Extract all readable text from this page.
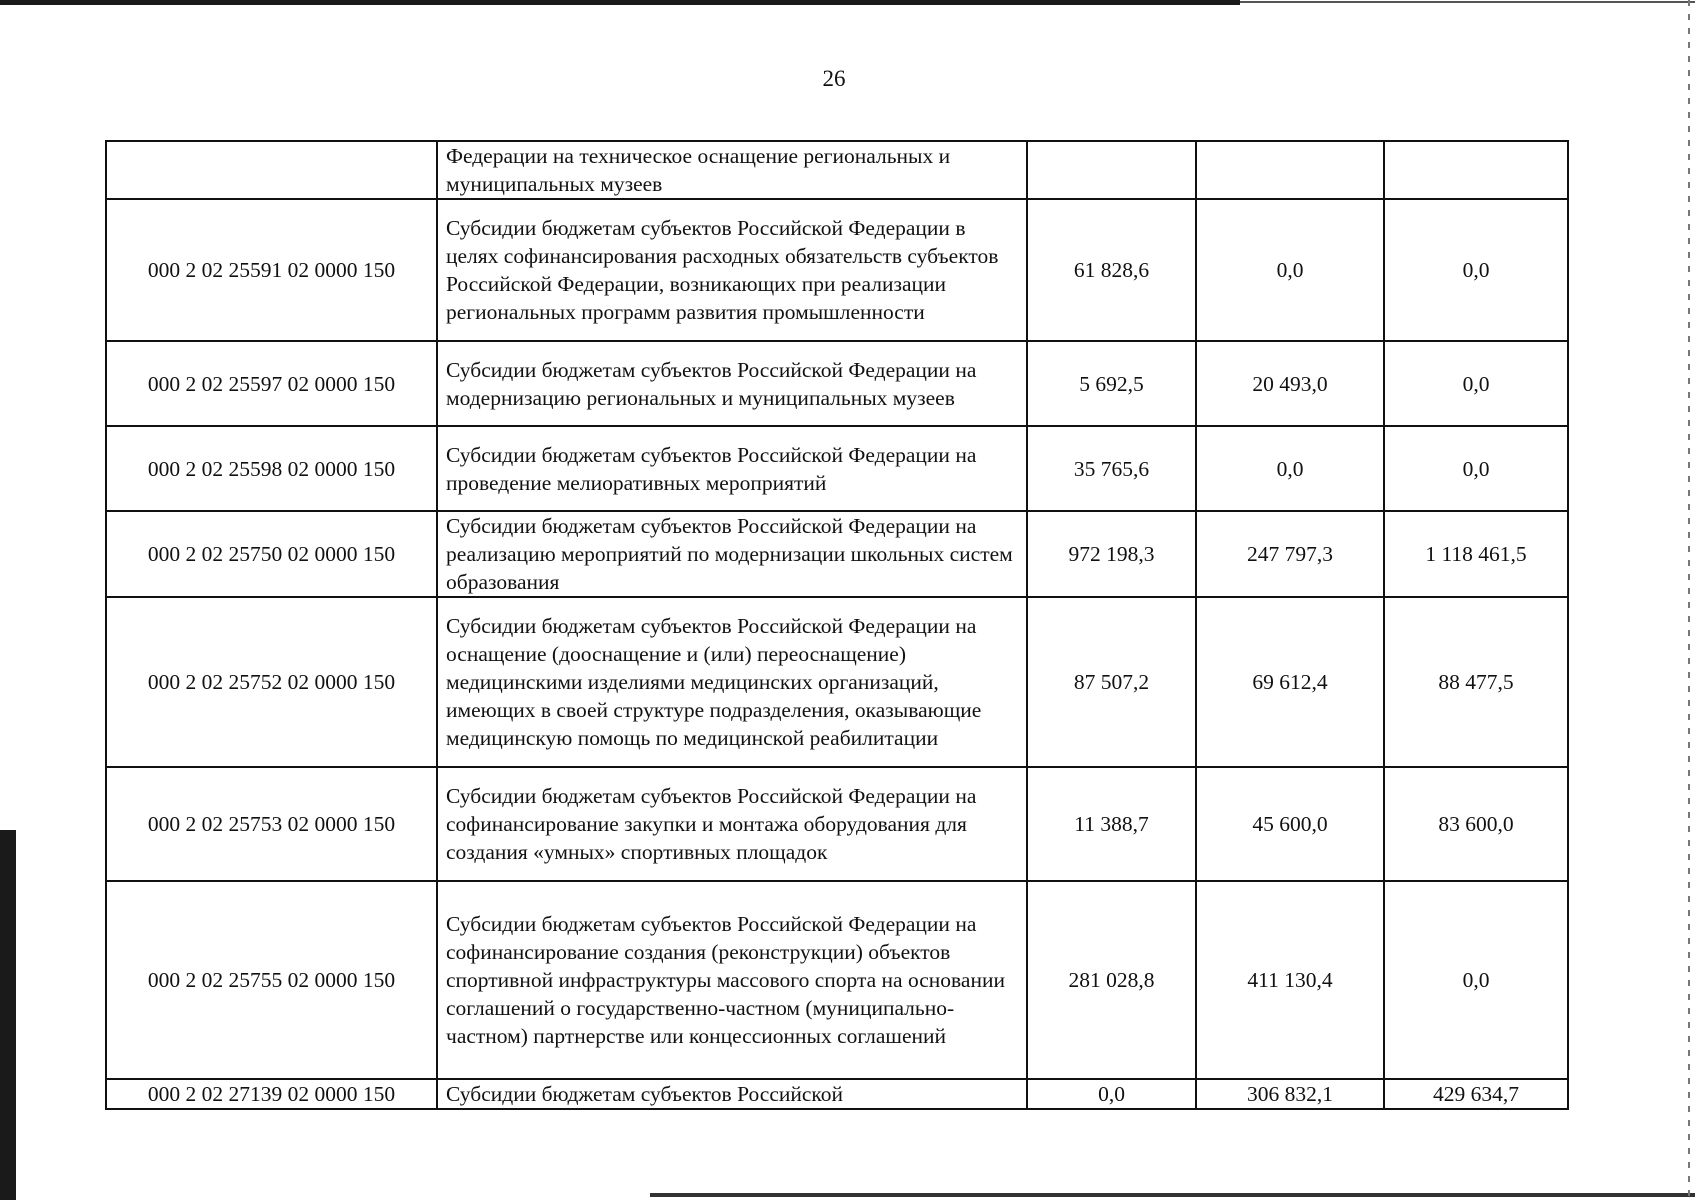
26
	Федерации на техническое оснащение региональных и муниципальных музеев			
000 2 02 25591 02 0000 150	Субсидии бюджетам субъектов Российской Федерации в целях софинансирования расходных обязательств субъектов Российской Федерации, возникающих при реализации региональных программ развития промышленности	61 828,6	0,0	0,0
000 2 02 25597 02 0000 150	Субсидии бюджетам субъектов Российской Федерации на модернизацию региональных и муниципальных музеев	5 692,5	20 493,0	0,0
000 2 02 25598 02 0000 150	Субсидии бюджетам субъектов Российской Федерации на проведение мелиоративных мероприятий	35 765,6	0,0	0,0
000 2 02 25750 02 0000 150	Субсидии бюджетам субъектов Российской Федерации на реализацию мероприятий по модернизации школьных систем образования	972 198,3	247 797,3	1 118 461,5
000 2 02 25752 02 0000 150	Субсидии бюджетам субъектов Российской Федерации на оснащение (дооснащение и (или) переоснащение) медицинскими изделиями медицинских организаций, имеющих в своей структуре подразделения, оказывающие медицинскую помощь по медицинской реабилитации	87 507,2	69 612,4	88 477,5
000 2 02 25753 02 0000 150	Субсидии бюджетам субъектов Российской Федерации на софинансирование закупки и монтажа оборудования для создания «умных» спортивных площадок	11 388,7	45 600,0	83 600,0
000 2 02 25755 02 0000 150	Субсидии бюджетам субъектов Российской Федерации на софинансирование создания (реконструкции) объектов спортивной инфраструктуры массового спорта на основании соглашений о государственно-частном (муниципально-частном) партнерстве или концессионных соглашений	281 028,8	411 130,4	0,0
000 2 02 27139 02 0000 150	Субсидии бюджетам субъектов Российской	0,0	306 832,1	429 634,7
